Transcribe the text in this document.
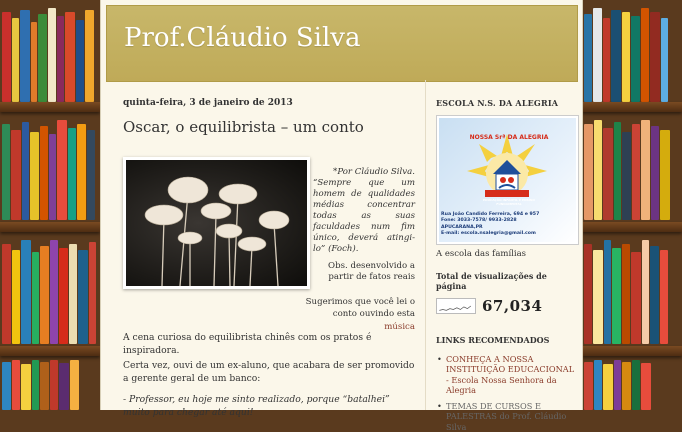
Prof.Cláudio Silva
quinta-feira, 3 de janeiro de 2013
Oscar, o equilibrista – um conto
*Por Cláudio Silva.
“Sempre que um homem de qualidades médias concentrar todas as suas faculdades num fim único, deverá atingi-lo” (Foch).
Obs. desenvolvido a partir de fatos reais
Sugerimos que você lei o conto ouvindo esta música

A cena curiosa do equilibrista chinês com os pratos é inspiradora.

Certa vez, ouvi de um ex-aluno, que acabara de ser promovido a gerente geral de um banco:

- Professor, eu hoje me sinto realizado, porque “batalhei” muito para chegar até aqui!

ESCOLA N.S. DA ALEGRIA
NOSSA Srª DA ALEGRIA
EDUCAÇÃO INFANTIL E ENSINO FUNDAMENTAL
Rua João Candido Ferreira, 694 e 957
Fone: 3033-7578/ 9933-2828
APUCARANA,PR
E-mail: escola.nsalegria@gmail.com
A escola das famílias
Total de visualizações de página
67,034
LINKS RECOMENDADOS
• CONHEÇA A NOSSA INSTITUIÇÃO EDUCACIONAL - Escola Nossa Senhora da Alegria
• TEMAS DE CURSOS E PALESTRAS do Prof. Cláudio Silva
